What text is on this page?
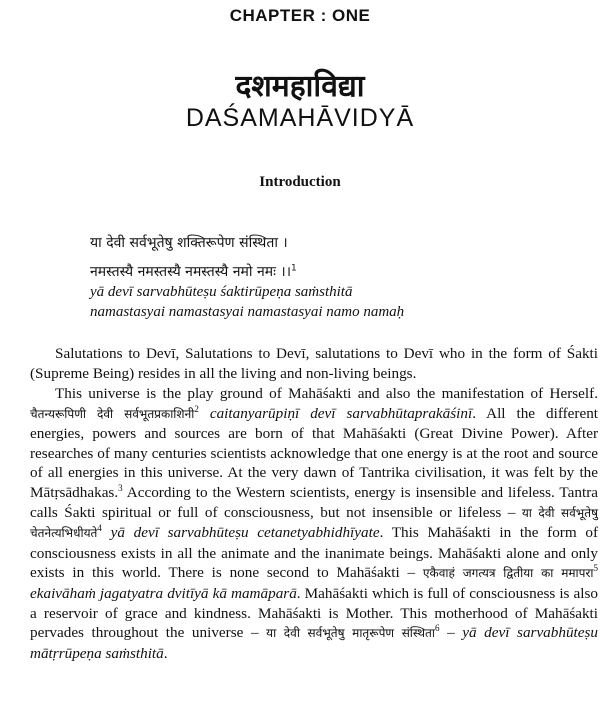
CHAPTER : ONE
दशमहाविद्या
DAŚAMAHĀVIDYĀ
Introduction
या देवी सर्वभूतेषु शक्तिरूपेण संस्थिता ।
नमस्तस्यै नमस्तस्यै नमस्तस्यै नमो नमः ।।$^1$
yā devī sarvabhūteṣu śaktirūpeṇa saṁsthitā
namastasyai namastasyai namastasyai namo namaḥ

Salutations to Devī, Salutations to Devī, salutations to Devī who in the form of Śakti (Supreme Being) resides in all the living and non-living beings.

This universe is the play ground of Mahāśakti and also the manifestation of Herself. चैतन्यरूपिणी देवी सर्वभूतप्रकाशिनी$^2$ caitanyarūpiṇī devī sarvabhūtaprakāśinī. All the different energies, powers and sources are born of that Mahāśakti (Great Divine Power). After researches of many centuries scientists acknowledge that one energy is at the root and source of all energies in this universe. At the very dawn of Tantrika civilisation, it was felt by the Mātṛsādhakas.$^3$ According to the Western scientists, energy is insensible and lifeless. Tantra calls Śakti spiritual or full of consciousness, but not insensible or lifeless – या देवी सर्वभूतेषु चेतनेत्यभिधीयते$^4$ yā devī sarvabhūteṣu cetanetyabhidhīyate. This Mahāśakti in the form of consciousness exists in all the animate and the inanimate beings. Mahāśakti alone and only exists in this world. There is none second to Mahāśakti – एकैवाहं जगत्यत्र द्वितीया का ममापरा$^5$ ekaivāhaṁ jagatyatra dvitīyā kā mamāparā. Mahāśakti which is full of consciousness is also a reservoir of grace and kindness. Mahāśakti is Mother. This motherhood of Mahāśakti pervades throughout the universe – या देवी सर्वभूतेषु मातृरूपेण संस्थिता$^6$ – yā devī sarvabhūteṣu mātṛrūpeṇa saṁsthitā.
